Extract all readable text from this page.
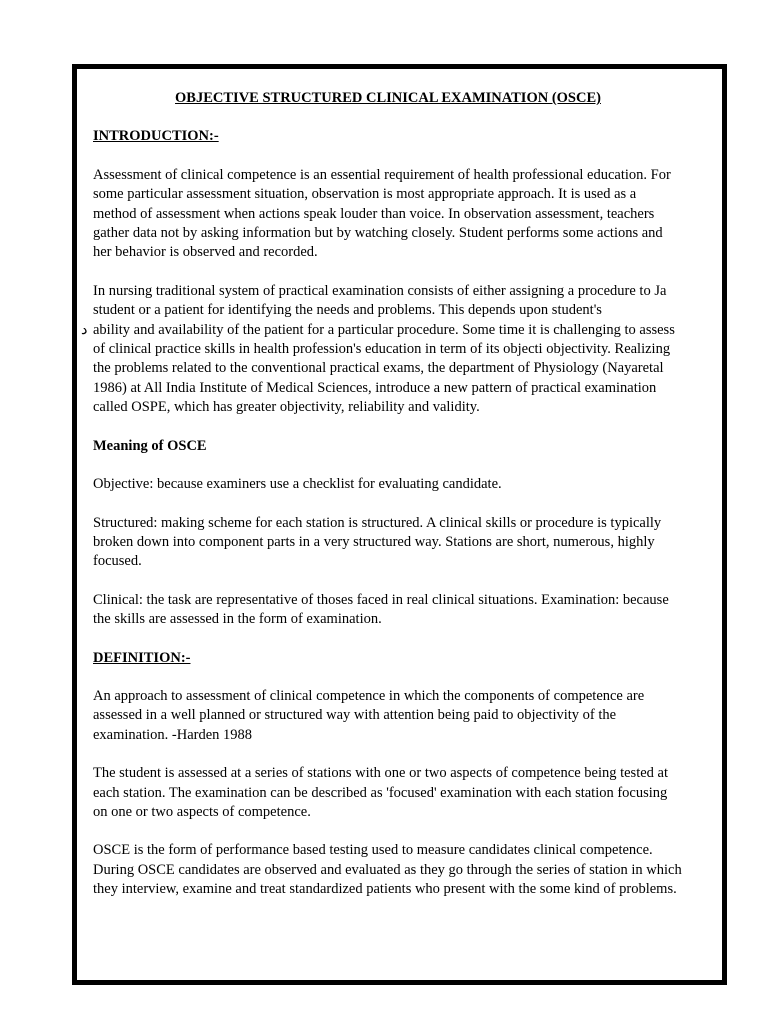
OBJECTIVE STRUCTURED CLINICAL EXAMINATION (OSCE)
INTRODUCTION:-

Assessment of clinical competence is an essential requirement of health professional education. For some particular assessment situation, observation is most appropriate approach. It is used as a method of assessment when actions speak louder than voice. In observation assessment, teachers gather data not by asking information but by watching closely. Student performs some actions and her behavior is observed and recorded.

In nursing traditional system of practical examination consists of either assigning a procedure to Ja student or a patient for identifying the needs and problems. This depends upon student's
د ability and availability of the patient for a particular procedure. Some time it is challenging to assess of clinical practice skills in health profession's education in term of its objecti objectivity. Realizing the problems related to the conventional practical exams, the department of Physiology (Nayaretal 1986) at All India Institute of Medical Sciences, introduce a new pattern of practical examination called OSPE, which has greater objectivity, reliability and validity.

Meaning of OSCE

Objective: because examiners use a checklist for evaluating candidate.

Structured: making scheme for each station is structured. A clinical skills or procedure is typically broken down into component parts in a very structured way. Stations are short, numerous, highly focused.

Clinical: the task are representative of thoses faced in real clinical situations. Examination: because the skills are assessed in the form of examination.

DEFINITION:-

An approach to assessment of clinical competence in which the components of competence are assessed in a well planned or structured way with attention being paid to objectivity of the examination. -Harden 1988

The student is assessed at a series of stations with one or two aspects of competence being tested at each station. The examination can be described as 'focused' examination with each station focusing on one or two aspects of competence.

OSCE is the form of performance based testing used to measure candidates clinical competence. During OSCE candidates are observed and evaluated as they go through the series of station in which they interview, examine and treat standardized patients who present with the some kind of problems.
